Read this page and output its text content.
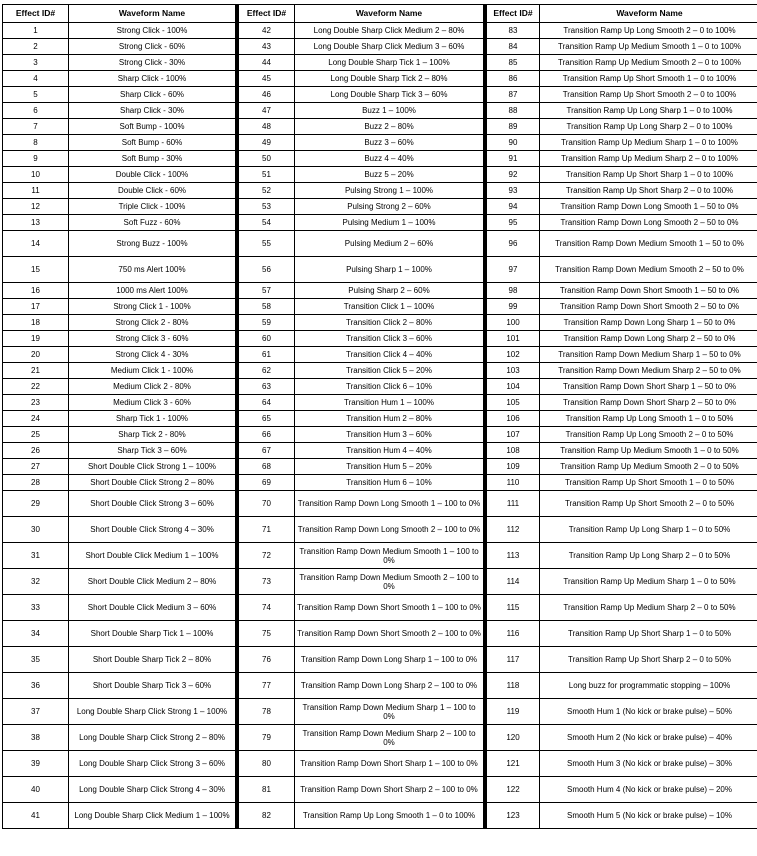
Effect ID#	Waveform Name
1	Strong Click - 100%
2	Strong Click - 60%
3	Strong Click - 30%
4	Sharp Click - 100%
5	Sharp Click - 60%
6	Sharp Click - 30%
7	Soft Bump - 100%
8	Soft Bump - 60%
9	Soft Bump - 30%
10	Double Click - 100%
11	Double Click - 60%
12	Triple Click - 100%
13	Soft Fuzz - 60%
14	Strong Buzz - 100%
15	750 ms Alert 100%
16	1000 ms Alert 100%
17	Strong Click 1 - 100%
18	Strong Click 2 - 80%
19	Strong Click 3 - 60%
20	Strong Click 4 - 30%
21	Medium Click 1 - 100%
22	Medium Click 2 - 80%
23	Medium Click 3 - 60%
24	Sharp Tick 1 - 100%
25	Sharp Tick 2 - 80%
26	Sharp Tick 3 – 60%
27	Short Double Click Strong 1 – 100%
28	Short Double Click Strong 2 – 80%
29	Short Double Click Strong 3 – 60%
30	Short Double Click Strong 4 – 30%
31	Short Double Click Medium 1 – 100%
32	Short Double Click Medium 2 – 80%
33	Short Double Click Medium 3 – 60%
34	Short Double Sharp Tick 1 – 100%
35	Short Double Sharp Tick 2 – 80%
36	Short Double Sharp Tick 3 – 60%
37	Long Double Sharp Click Strong 1 – 100%
38	Long Double Sharp Click Strong 2 – 80%
39	Long Double Sharp Click Strong 3 – 60%
40	Long Double Sharp Click Strong 4 – 30%
41	Long Double Sharp Click Medium 1 – 100%
Effect ID#	Waveform Name
42	Long Double Sharp Click Medium 2 – 80%
43	Long Double Sharp Click Medium 3 – 60%
44	Long Double Sharp Tick 1 – 100%
45	Long Double Sharp Tick 2 – 80%
46	Long Double Sharp Tick 3 – 60%
47	Buzz 1 – 100%
48	Buzz 2 – 80%
49	Buzz 3 – 60%
50	Buzz 4 – 40%
51	Buzz 5 – 20%
52	Pulsing Strong 1 – 100%
53	Pulsing Strong 2 – 60%
54	Pulsing Medium 1 – 100%
55	Pulsing Medium 2 – 60%
56	Pulsing Sharp 1 – 100%
57	Pulsing Sharp 2 – 60%
58	Transition Click 1 – 100%
59	Transition Click 2 – 80%
60	Transition Click 3 – 60%
61	Transition Click 4 – 40%
62	Transition Click 5 – 20%
63	Transition Click 6 – 10%
64	Transition Hum 1 – 100%
65	Transition Hum 2 – 80%
66	Transition Hum 3 – 60%
67	Transition Hum 4 – 40%
68	Transition Hum 5 – 20%
69	Transition Hum 6 – 10%
70	Transition Ramp Down Long Smooth 1 – 100 to 0%
71	Transition Ramp Down Long Smooth 2 – 100 to 0%
72	Transition Ramp Down Medium Smooth 1 – 100 to 0%
73	Transition Ramp Down Medium Smooth 2 – 100 to 0%
74	Transition Ramp Down Short Smooth 1 – 100 to 0%
75	Transition Ramp Down Short Smooth 2 – 100 to 0%
76	Transition Ramp Down Long Sharp 1 – 100 to 0%
77	Transition Ramp Down Long Sharp 2 – 100 to 0%
78	Transition Ramp Down Medium Sharp 1 – 100 to 0%
79	Transition Ramp Down Medium Sharp 2 – 100 to 0%
80	Transition Ramp Down Short Sharp 1 – 100 to 0%
81	Transition Ramp Down Short Sharp 2 – 100 to 0%
82	Transition Ramp Up Long Smooth 1 – 0 to 100%
Effect ID#	Waveform Name
83	Transition Ramp Up Long Smooth 2 – 0 to 100%
84	Transition Ramp Up Medium Smooth 1 – 0 to 100%
85	Transition Ramp Up Medium Smooth 2 – 0 to 100%
86	Transition Ramp Up Short Smooth 1 – 0 to 100%
87	Transition Ramp Up Short Smooth 2 – 0 to 100%
88	Transition Ramp Up Long Sharp 1 – 0 to 100%
89	Transition Ramp Up Long Sharp 2 – 0 to 100%
90	Transition Ramp Up Medium Sharp 1 – 0 to 100%
91	Transition Ramp Up Medium Sharp 2 – 0 to 100%
92	Transition Ramp Up Short Sharp 1 – 0 to 100%
93	Transition Ramp Up Short Sharp 2 – 0 to 100%
94	Transition Ramp Down Long Smooth 1 – 50 to 0%
95	Transition Ramp Down Long Smooth 2 – 50 to 0%
96	Transition Ramp Down Medium Smooth 1 – 50 to 0%
97	Transition Ramp Down Medium Smooth 2 – 50 to 0%
98	Transition Ramp Down Short Smooth 1 – 50 to 0%
99	Transition Ramp Down Short Smooth 2 – 50 to 0%
100	Transition Ramp Down Long Sharp 1 – 50 to 0%
101	Transition Ramp Down Long Sharp 2 – 50 to 0%
102	Transition Ramp Down Medium Sharp 1 – 50 to 0%
103	Transition Ramp Down Medium Sharp 2 – 50 to 0%
104	Transition Ramp Down Short Sharp 1 – 50 to 0%
105	Transition Ramp Down Short Sharp 2 – 50 to 0%
106	Transition Ramp Up Long Smooth 1 – 0 to 50%
107	Transition Ramp Up Long Smooth 2 – 0 to 50%
108	Transition Ramp Up Medium Smooth 1 – 0 to 50%
109	Transition Ramp Up Medium Smooth 2 – 0 to 50%
110	Transition Ramp Up Short Smooth 1 – 0 to 50%
111	Transition Ramp Up Short Smooth 2 – 0 to 50%
112	Transition Ramp Up Long Sharp 1 – 0 to 50%
113	Transition Ramp Up Long Sharp 2 – 0 to 50%
114	Transition Ramp Up Medium Sharp 1 – 0 to 50%
115	Transition Ramp Up Medium Sharp 2 – 0 to 50%
116	Transition Ramp Up Short Sharp 1 – 0 to 50%
117	Transition Ramp Up Short Sharp 2 – 0 to 50%
118	Long buzz for programmatic stopping – 100%
119	Smooth Hum 1 (No kick or brake pulse) – 50%
120	Smooth Hum 2 (No kick or brake pulse) – 40%
121	Smooth Hum 3 (No kick or brake pulse) – 30%
122	Smooth Hum 4 (No kick or brake pulse) – 20%
123	Smooth Hum 5 (No kick or brake pulse) – 10%
